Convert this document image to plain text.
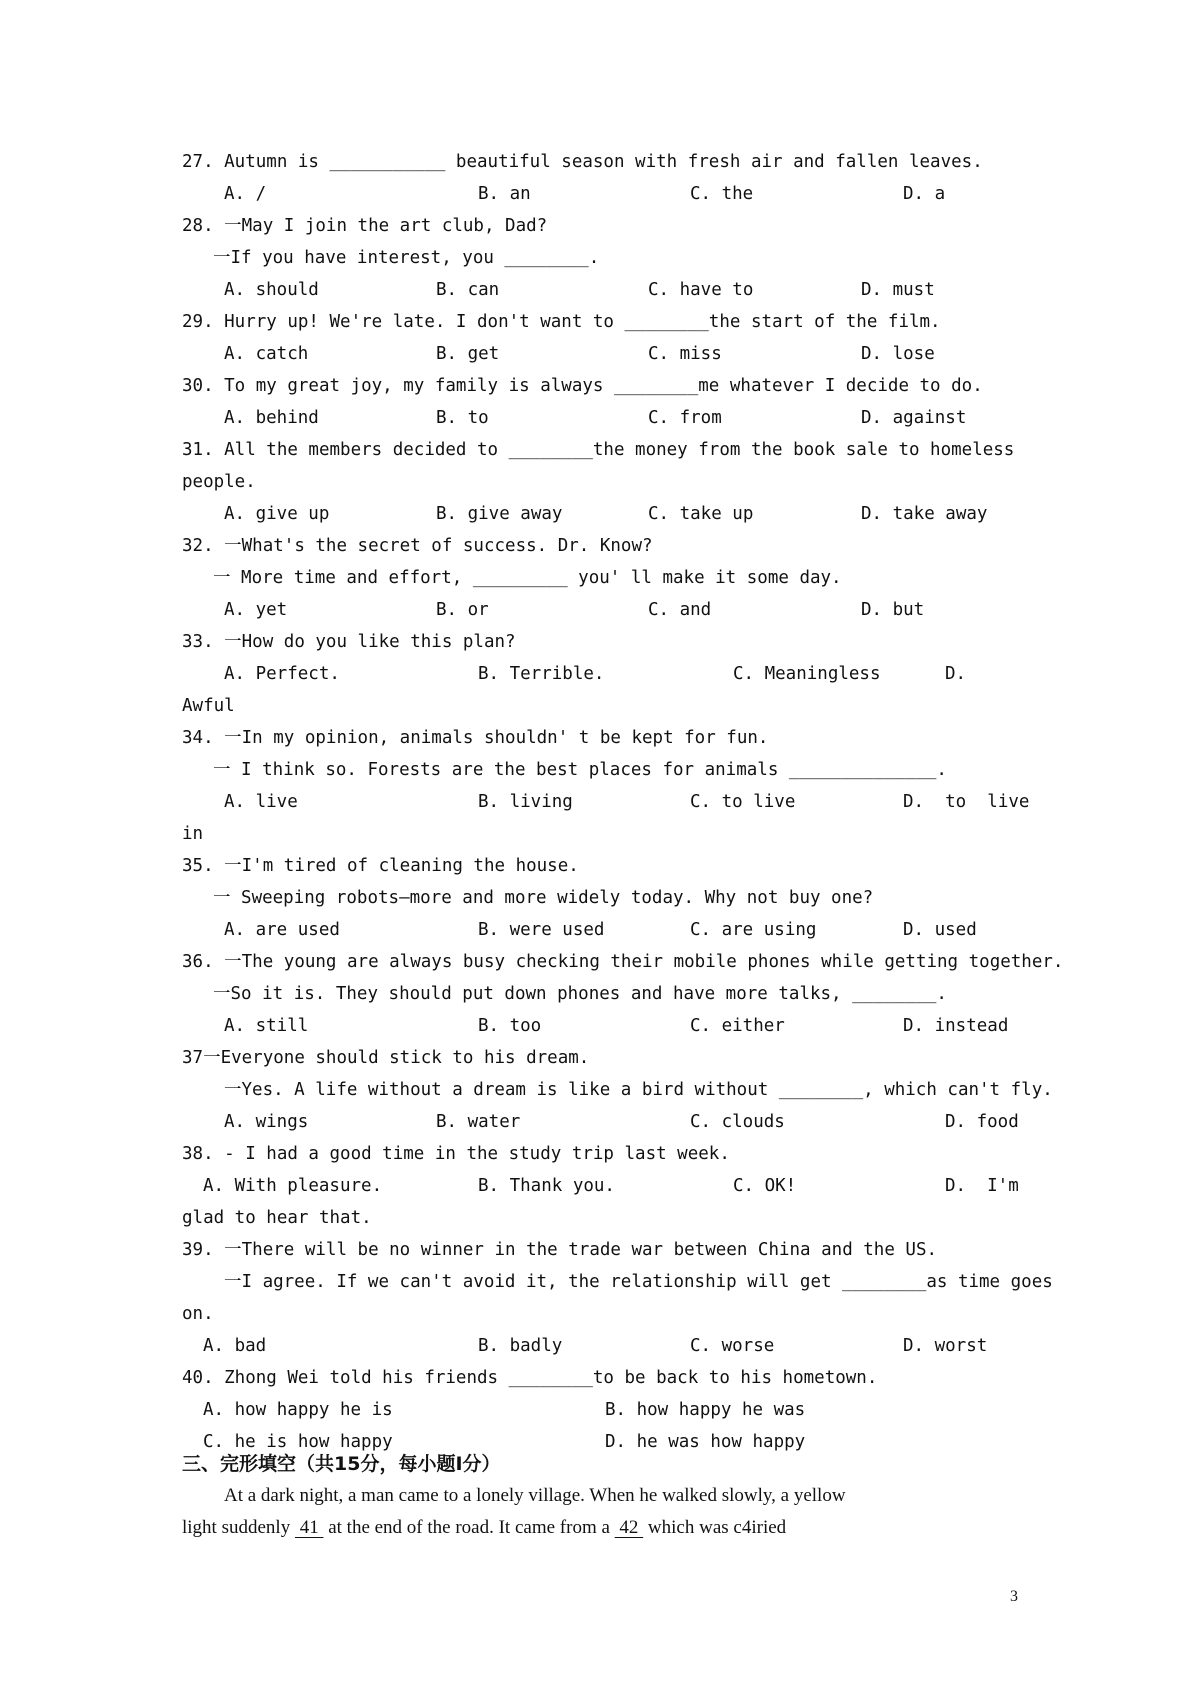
27. Autumn is ___________ beautiful season with fresh air and fallen leaves.
A. /	B. an	C. the	D. a
28. 一May I join the art club, Dad?
一If you have interest, you ________.
A. should	B. can	C. have to	D. must
29. Hurry up! We're late. I don't want to ________the start of the film.
A. catch	B. get	C. miss	D. lose
30. To my great joy, my family is always ________me whatever I decide to do.
A. behind	B. to	C. from	D. against
31. All the members decided to ________the money from the book sale to homeless
people.
A. give up	B. give away	C. take up	D. take away
32. 一What's the secret of success. Dr. Know?
一 More time and effort, _________ you' ll make it some day.
A. yet	B. or	C. and	D. but
33. 一How do you like this plan?
A. Perfect.	B. Terrible.	C. Meaningless	D.
Awful
34. 一In my opinion, animals shouldn' t be kept for fun.
一 I think so. Forests are the best places for animals ______________.
A. live	B. living	C. to live	D.  to  live
in
35. 一I'm tired of cleaning the house.
一 Sweeping robots—more and more widely today. Why not buy one?
A. are used	B. were used	C. are using	D. used
36. 一The young are always busy checking their mobile phones while getting together.
一So it is. They should put down phones and have more talks, ________.
A. still	B. too	C. either	D. instead
37一Everyone should stick to his dream.
一Yes. A life without a dream is like a bird without ________, which can't fly.
A. wings	B. water	C. clouds	D. food
38. - I had a good time in the study trip last week.
A. With pleasure.	B. Thank you.	C. OK!	D.  I'm
glad to hear that.
39. 一There will be no winner in the trade war between China and the US.
一I agree. If we can't avoid it, the relationship will get ________as time goes
on.
A. bad	B. badly	C. worse	D. worst
40. Zhong Wei told his friends ________to be back to his hometown.
A. how happy he is	B. how happy he was
C. he is how happy	D. he was how happy
三、完形填空（共15分，每小题I分）
At a dark night, a man came to a lonely village. When he walked slowly, a yellow
light suddenly  41  at the end of the road. It came from a  42  which was c4iried
3
